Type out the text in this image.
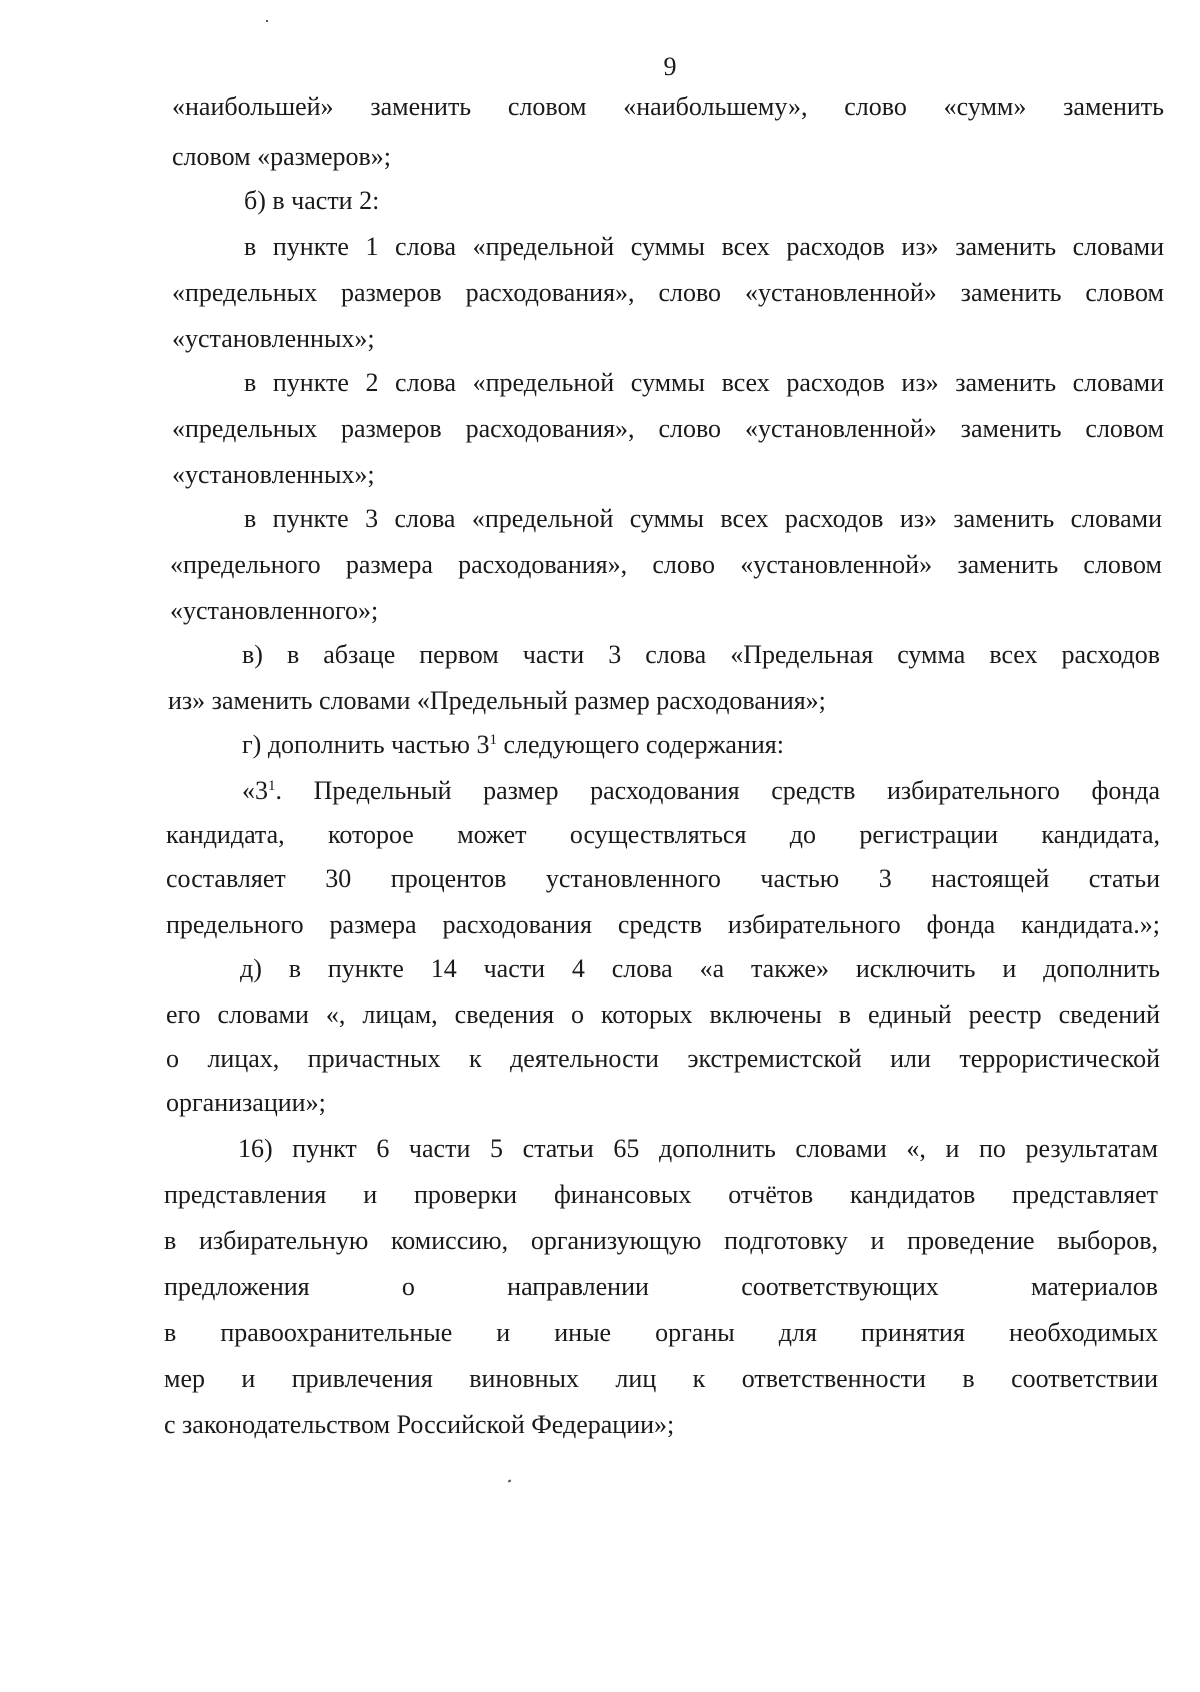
9
«наибольшей» заменить словом «наибольшему», слово «сумм» заменить
словом «размеров»;
б) в части 2:
в пункте 1 слова «предельной суммы всех расходов из» заменить словами
«предельных размеров расходования», слово «установленной» заменить словом
«установленных»;
в пункте 2 слова «предельной суммы всех расходов из» заменить словами
«предельных размеров расходования», слово «установленной» заменить словом
«установленных»;
в пункте 3 слова «предельной суммы всех расходов из» заменить словами
«предельного размера расходования», слово «установленной» заменить словом
«установленного»;
в) в абзаце первом части 3 слова «Предельная сумма всех расходов
из» заменить словами «Предельный размер расходования»;
г) дополнить частью $3^1$ следующего содержания:
«$3^1$. Предельный размер расходования средств избирательного фонда
кандидата, которое может осуществляться до регистрации кандидата,
составляет 30 процентов установленного частью 3 настоящей статьи
предельного размера расходования средств избирательного фонда кандидата.»;
д) в пункте 14 части 4 слова «а также» исключить и дополнить
его словами «, лицам, сведения о которых включены в единый реестр сведений
о лицах, причастных к деятельности экстремистской или террористической
организации»;
16) пункт 6 части 5 статьи 65 дополнить словами «, и по результатам
представления и проверки финансовых отчётов кандидатов представляет
в избирательную комиссию, организующую подготовку и проведение выборов,
предложения о направлении соответствующих материалов
в правоохранительные и иные органы для принятия необходимых
мер и привлечения виновных лиц к ответственности в соответствии
с законодательством Российской Федерации»;
